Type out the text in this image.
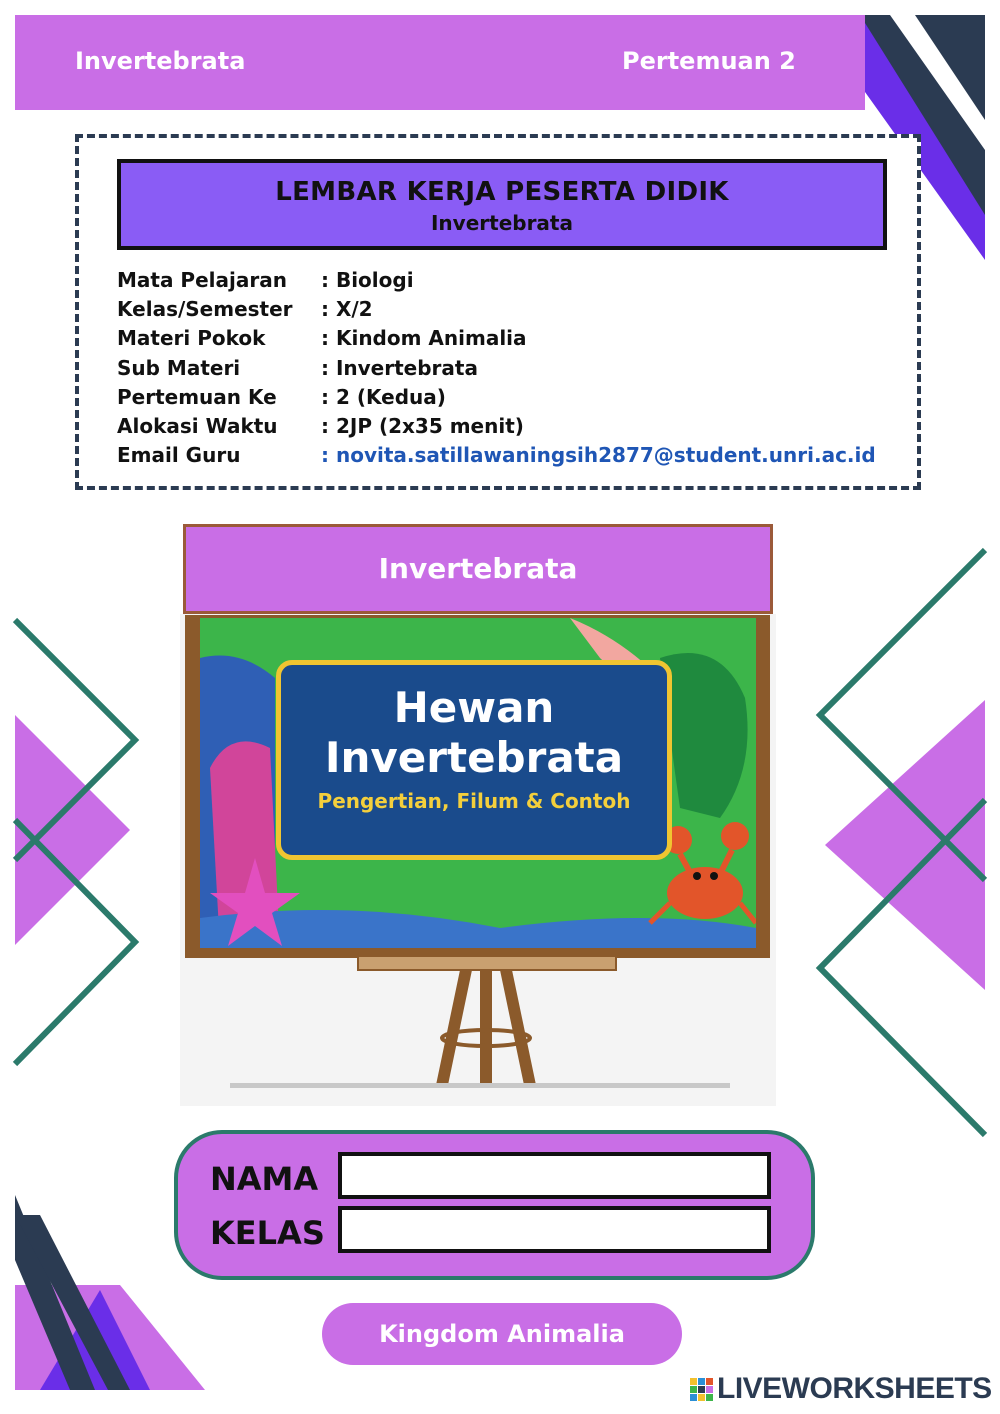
Invertebrata	Pertemuan 2
LEMBAR KERJA PESERTA DIDIK
Invertebrata
Mata Pelajaran : Biologi
Kelas/Semester : X/2
Materi Pokok	: Kindom Animalia
Sub Materi	: Invertebrata
Pertemuan Ke : 2 (Kedua)
Alokasi Waktu : 2JP (2x35 menit)
Email Guru	: novita.satillawaningsih2877@student.unri.ac.id
Invertebrata
Hewan
Invertebrata
Pengertian, Filum & Contoh
NAMA
KELAS
Kingdom Animalia
LIVEWORKSHEETS
